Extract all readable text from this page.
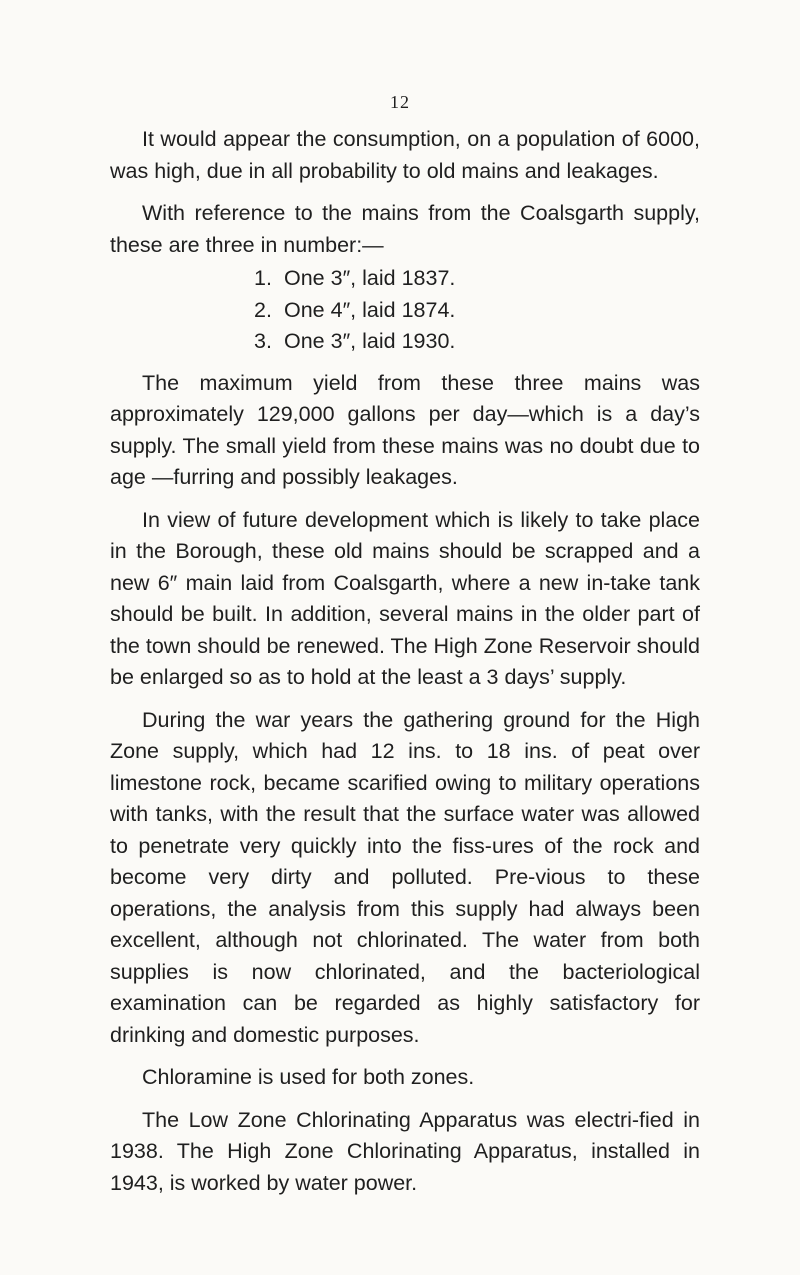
12

It would appear the consumption, on a population of 6000, was high, due in all probability to old mains and leakages.

With reference to the mains from the Coalsgarth supply, these are three in number:—

1. One 3″, laid 1837.
2. One 4″, laid 1874.
3. One 3″, laid 1930.

The maximum yield from these three mains was approximately 129,000 gallons per day—which is a day’s supply. The small yield from these mains was no doubt due to age —furring and possibly leakages.

In view of future development which is likely to take place in the Borough, these old mains should be scrapped and a new 6″ main laid from Coalsgarth, where a new in-take tank should be built. In addition, several mains in the older part of the town should be renewed. The High Zone Reservoir should be enlarged so as to hold at the least a 3 days’ supply.

During the war years the gathering ground for the High Zone supply, which had 12 ins. to 18 ins. of peat over limestone rock, became scarified owing to military operations with tanks, with the result that the surface water was allowed to penetrate very quickly into the fiss-ures of the rock and become very dirty and polluted. Pre-vious to these operations, the analysis from this supply had always been excellent, although not chlorinated. The water from both supplies is now chlorinated, and the bacteriological examination can be regarded as highly satisfactory for drinking and domestic purposes.

Chloramine is used for both zones.

The Low Zone Chlorinating Apparatus was electri-fied in 1938. The High Zone Chlorinating Apparatus, installed in 1943, is worked by water power.
